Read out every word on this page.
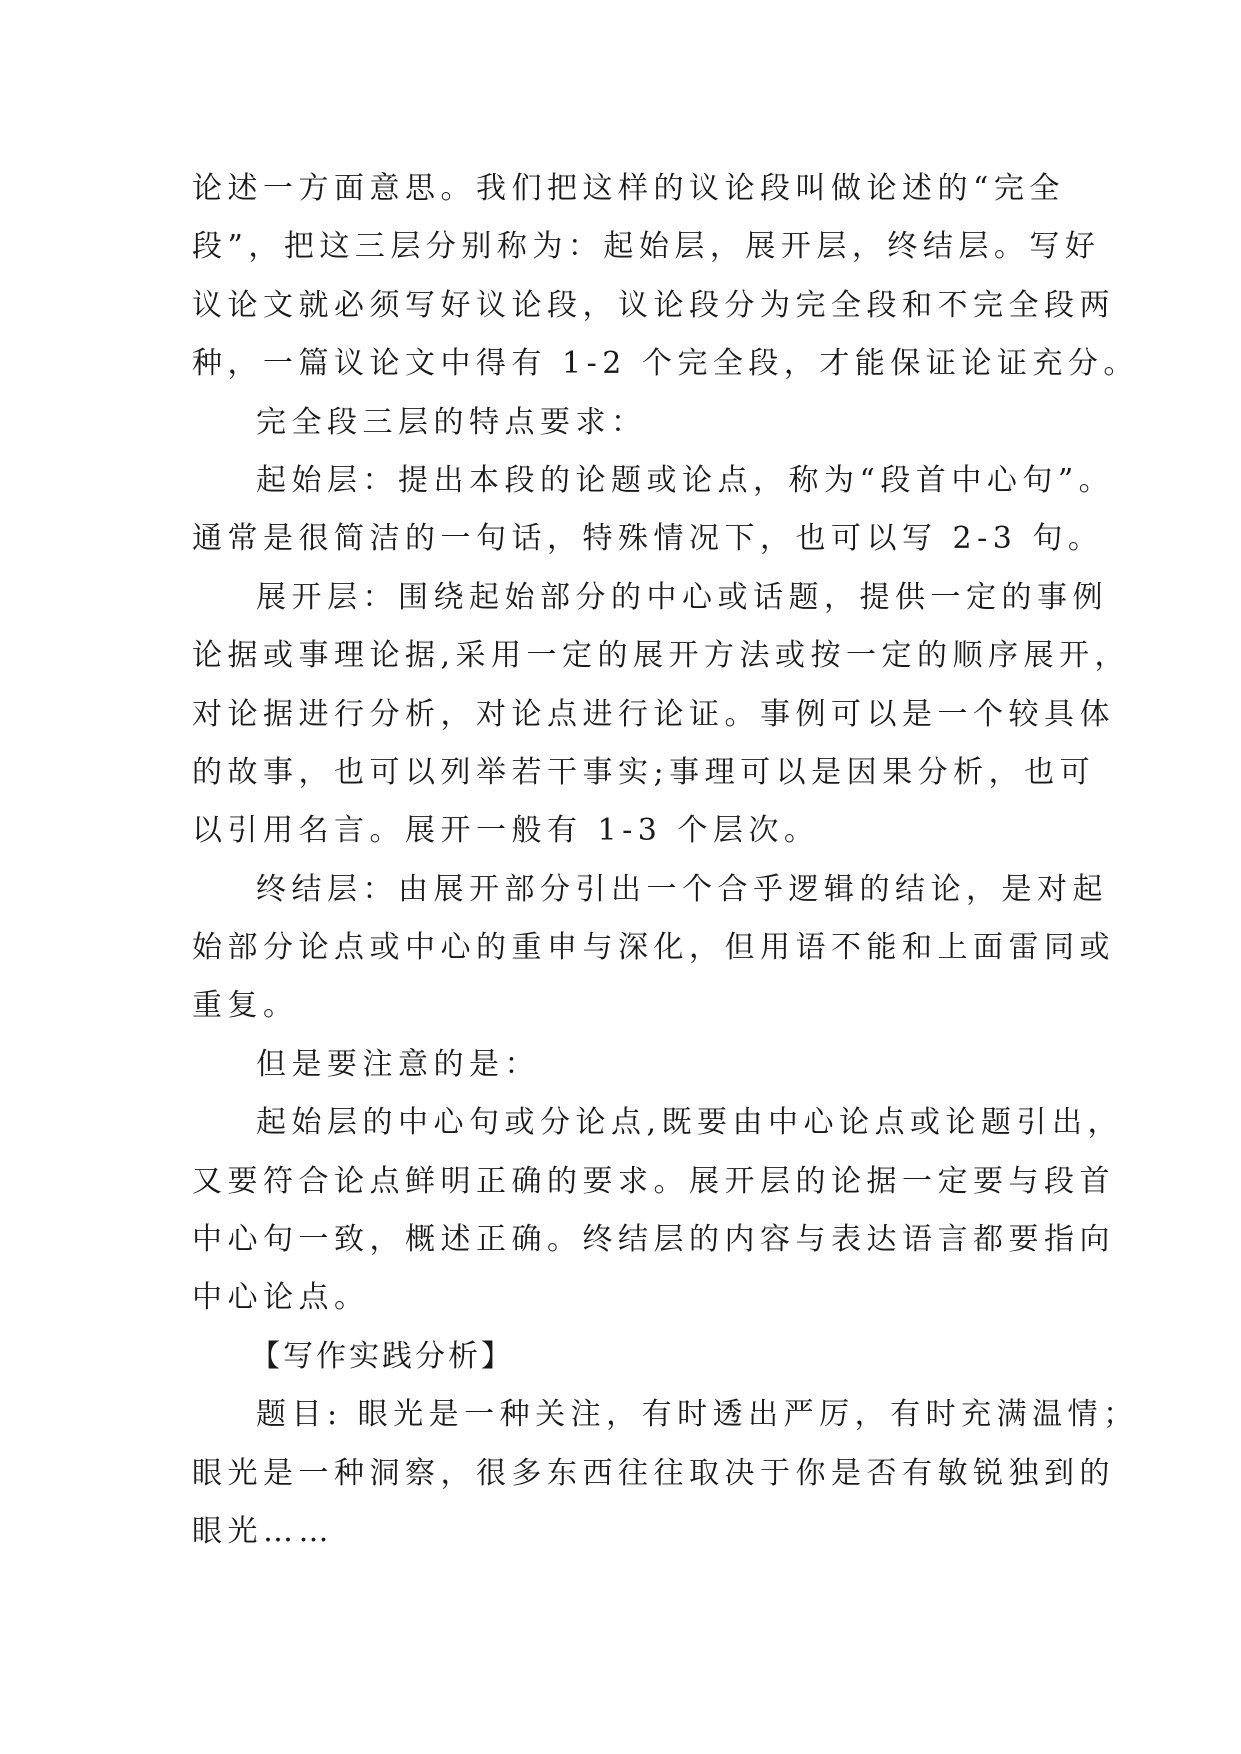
论述一方面意思。我们把这样的议论段叫做论述的“完全
段”，把这三层分别称为：起始层，展开层，终结层。写好
议论文就必须写好议论段，议论段分为完全段和不完全段两
种，一篇议论文中得有 1-2 个完全段，才能保证论证充分。
完全段三层的特点要求：
起始层：提出本段的论题或论点，称为“段首中心句”。
通常是很简洁的一句话，特殊情况下，也可以写 2-3 句。
展开层：围绕起始部分的中心或话题，提供一定的事例
论据或事理论据,采用一定的展开方法或按一定的顺序展开，
对论据进行分析，对论点进行论证。事例可以是一个较具体
的故事，也可以列举若干事实;事理可以是因果分析，也可
以引用名言。展开一般有 1-3 个层次。
终结层：由展开部分引出一个合乎逻辑的结论，是对起
始部分论点或中心的重申与深化，但用语不能和上面雷同或
重复。
但是要注意的是：
起始层的中心句或分论点,既要由中心论点或论题引出，
又要符合论点鲜明正确的要求。展开层的论据一定要与段首
中心句一致，概述正确。终结层的内容与表达语言都要指向
中心论点。
【写作实践分析】
题目: 眼光是一种关注，有时透出严厉，有时充满温情；
眼光是一种洞察，很多东西往往取决于你是否有敏锐独到的
眼光……
